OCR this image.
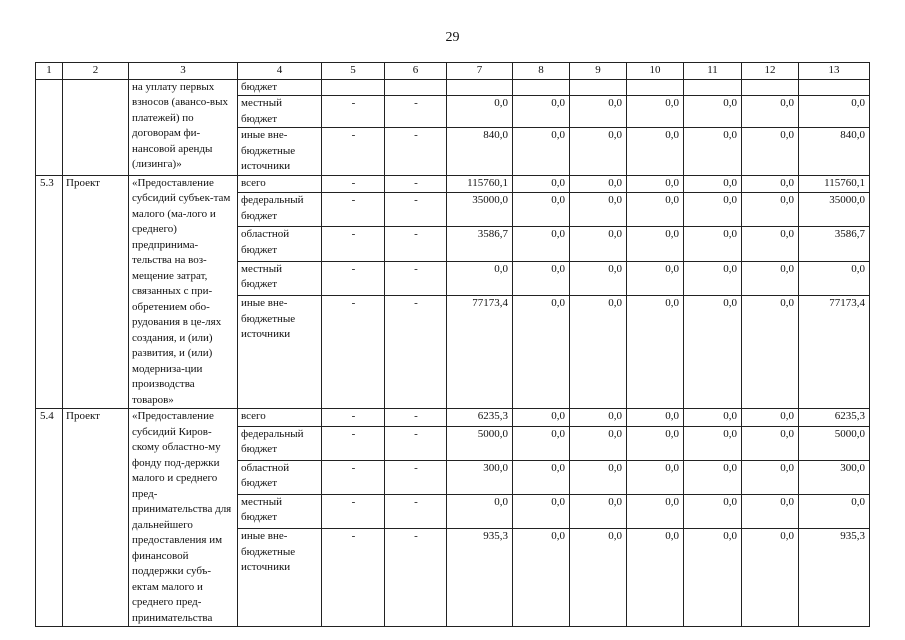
29
1	2	3	4	5	6	7	8	9	10	11	12	13
		на уплату первых взносов (авансо-вых платежей) по договорам фи-нансовой аренды (лизинга)»	бюджет									
			местный бюджет	-	-	0,0	0,0	0,0	0,0	0,0	0,0	0,0
			иные вне-бюджетные источники	-	-	840,0	0,0	0,0	0,0	0,0	0,0	840,0
5.3	Проект	«Предоставление субсидий субъек-там малого (ма-лого и среднего) предпринима-тельства на воз-мещение затрат, связанных с при-обретением обо-рудования в це-лях создания, и (или) развития, и (или) модерниза-ции производства товаров»	всего	-	-	115760,1	0,0	0,0	0,0	0,0	0,0	115760,1
			федеральный бюджет	-	-	35000,0	0,0	0,0	0,0	0,0	0,0	35000,0
			областной бюджет	-	-	3586,7	0,0	0,0	0,0	0,0	0,0	3586,7
			местный бюджет	-	-	0,0	0,0	0,0	0,0	0,0	0,0	0,0
			иные вне-бюджетные источники	-	-	77173,4	0,0	0,0	0,0	0,0	0,0	77173,4
5.4	Проект	«Предоставление субсидий Киров-скому областно-му фонду под-держки малого и среднего пред-принимательства для дальнейшего предоставления им финансовой поддержки субъ-ектам малого и среднего пред-принимательства	всего	-	-	6235,3	0,0	0,0	0,0	0,0	0,0	6235,3
			федеральный бюджет	-	-	5000,0	0,0	0,0	0,0	0,0	0,0	5000,0
			областной бюджет	-	-	300,0	0,0	0,0	0,0	0,0	0,0	300,0
			местный бюджет	-	-	0,0	0,0	0,0	0,0	0,0	0,0	0,0
			иные вне-бюджетные источники	-	-	935,3	0,0	0,0	0,0	0,0	0,0	935,3
